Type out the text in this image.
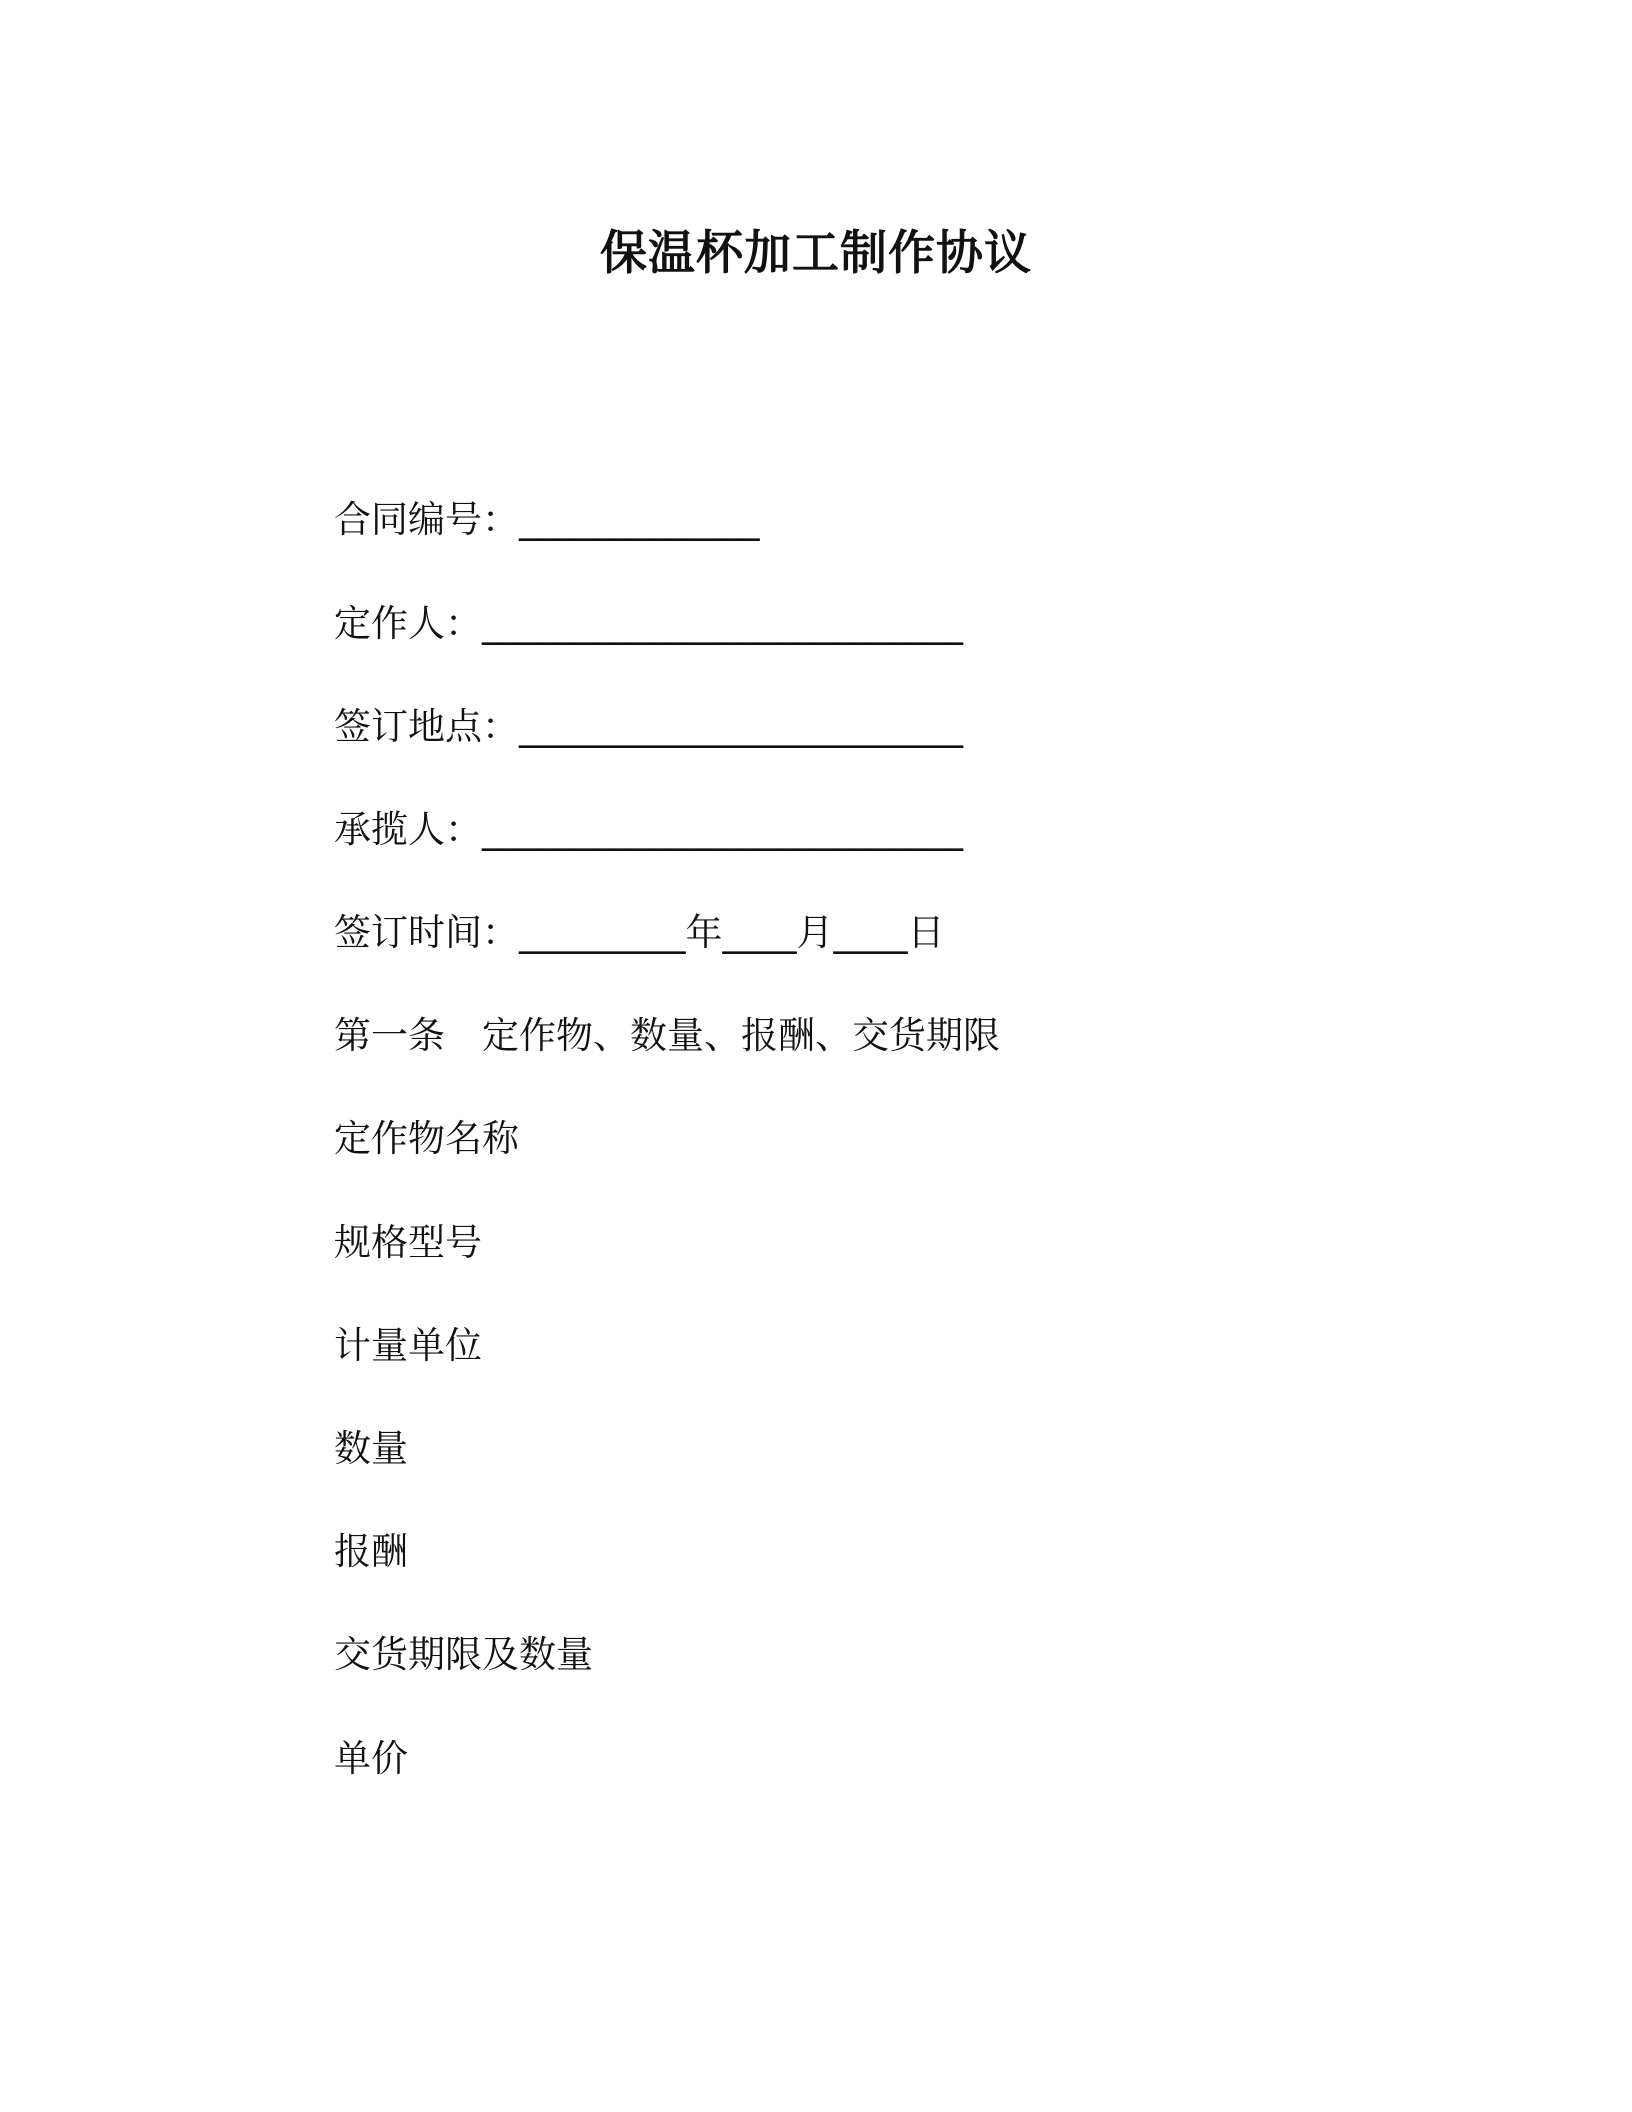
保温杯加工制作协议
合同编号：_____________
定作人：__________________________
签订地点：________________________
承揽人：__________________________
签订时间：_________年____月____日
第一条　定作物、数量、报酬、交货期限
定作物名称
规格型号
计量单位
数量
报酬
交货期限及数量
单价
